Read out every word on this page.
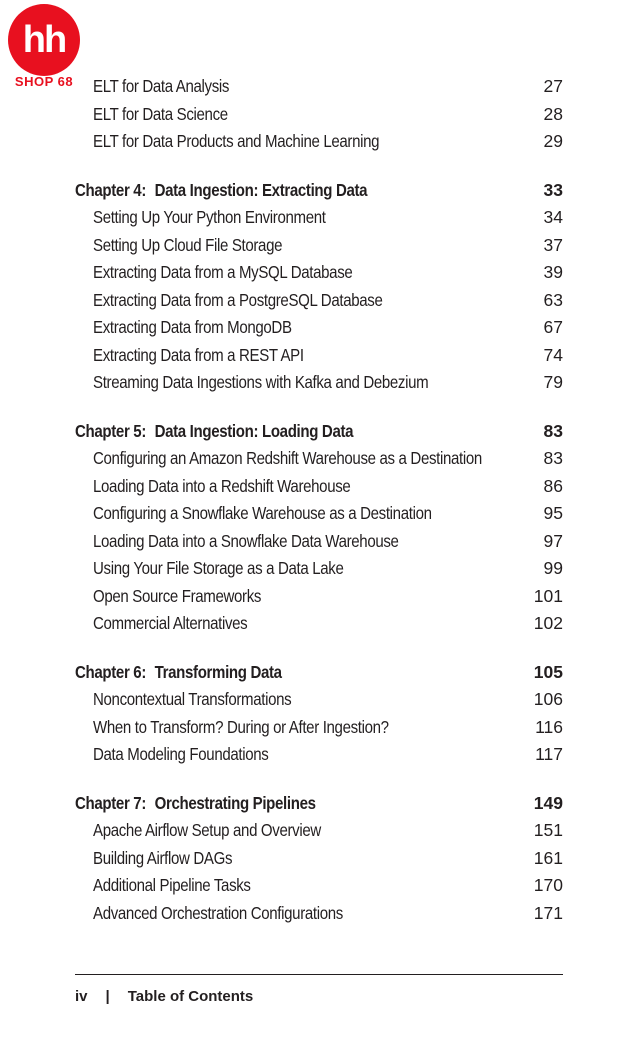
hh
SHOP 68	ELT for Data Analysis	27
ELT for Data Science	28
ELT for Data Products and Machine Learning	29
Chapter 4: Data Ingestion: Extracting Data	33
Setting Up Your Python Environment	34
Setting Up Cloud File Storage	37
Extracting Data from a MySQL Database	39
Extracting Data from a PostgreSQL Database	63
Extracting Data from MongoDB	67
Extracting Data from a REST API	74
Streaming Data Ingestions with Kafka and Debezium	79
Chapter 5: Data Ingestion: Loading Data	83
Configuring an Amazon Redshift Warehouse as a Destination	83
Loading Data into a Redshift Warehouse	86
Configuring a Snowflake Warehouse as a Destination	95
Loading Data into a Snowflake Data Warehouse	97
Using Your File Storage as a Data Lake	99
Open Source Frameworks	101
Commercial Alternatives	102
Chapter 6: Transforming Data	105
Noncontextual Transformations	106
When to Transform? During or After Ingestion?	116
Data Modeling Foundations	117
Chapter 7: Orchestrating Pipelines	149
Apache Airflow Setup and Overview	151
Building Airflow DAGs	161
Additional Pipeline Tasks	170
Advanced Orchestration Configurations	171
iv | Table of Contents
